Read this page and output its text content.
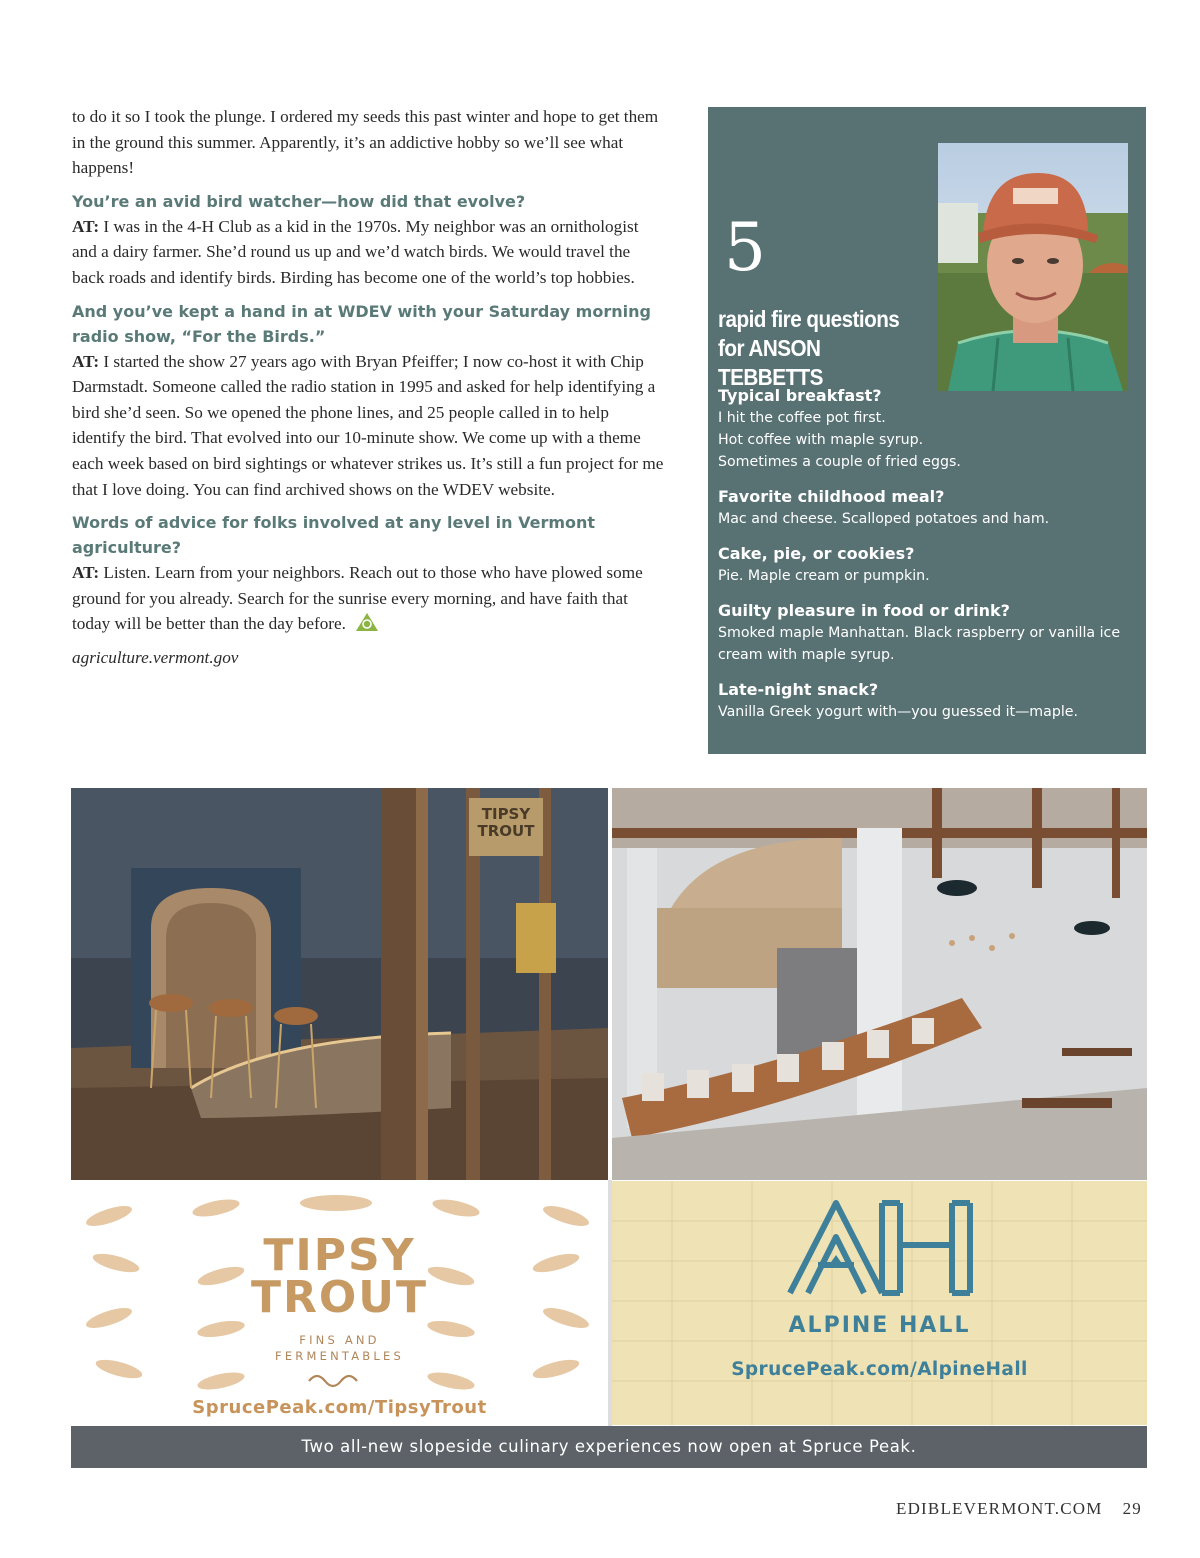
to do it so I took the plunge. I ordered my seeds this past winter and hope to get them in the ground this summer. Apparently, it’s an addictive hobby so we’ll see what happens!

You’re an avid bird watcher—how did that evolve?

AT: I was in the 4-H Club as a kid in the 1970s. My neighbor was an ornithologist and a dairy farmer. She’d round us up and we’d watch birds. We would travel the back roads and identify birds. Birding has become one of the world’s top hobbies.

And you’ve kept a hand in at WDEV with your Saturday morning radio show, “For the Birds.”

AT: I started the show 27 years ago with Bryan Pfeiffer; I now co-host it with Chip Darmstadt. Someone called the radio station in 1995 and asked for help identifying a bird she’d seen. So we opened the phone lines, and 25 people called in to help identify the bird. That evolved into our 10-minute show. We come up with a theme each week based on bird sightings or whatever strikes us. It’s still a fun project for me that I love doing. You can find archived shows on the WDEV website.

Words of advice for folks involved at any level in Vermont agriculture?

AT: Listen. Learn from your neighbors. Reach out to those who have plowed some ground for you already. Search for the sunrise every morning, and have faith that today will be better than the day before.

agriculture.vermont.gov

5
rapid fire questions
for ANSON TEBBETTS
Typical breakfast?
I hit the coffee pot first.
Hot coffee with maple syrup.
Sometimes a couple of fried eggs.
Favorite childhood meal?
Mac and cheese. Scalloped potatoes and ham.
Cake, pie, or cookies?
Pie. Maple cream or pumpkin.
Guilty pleasure in food or drink?
Smoked maple Manhattan. Black raspberry or vanilla ice cream with maple syrup.
Late-night snack?
Vanilla Greek yogurt with—you guessed it—maple.
TIPSY
TROUT
TIPSY
TROUT
FINS AND
FERMENTABLES
SprucePeak.com/TipsyTrout
ALPINE HALL
SprucePeak.com/AlpineHall
Two all-new slopeside culinary experiences now open at Spruce Peak.
EDIBLEVERMONT.COM 29
